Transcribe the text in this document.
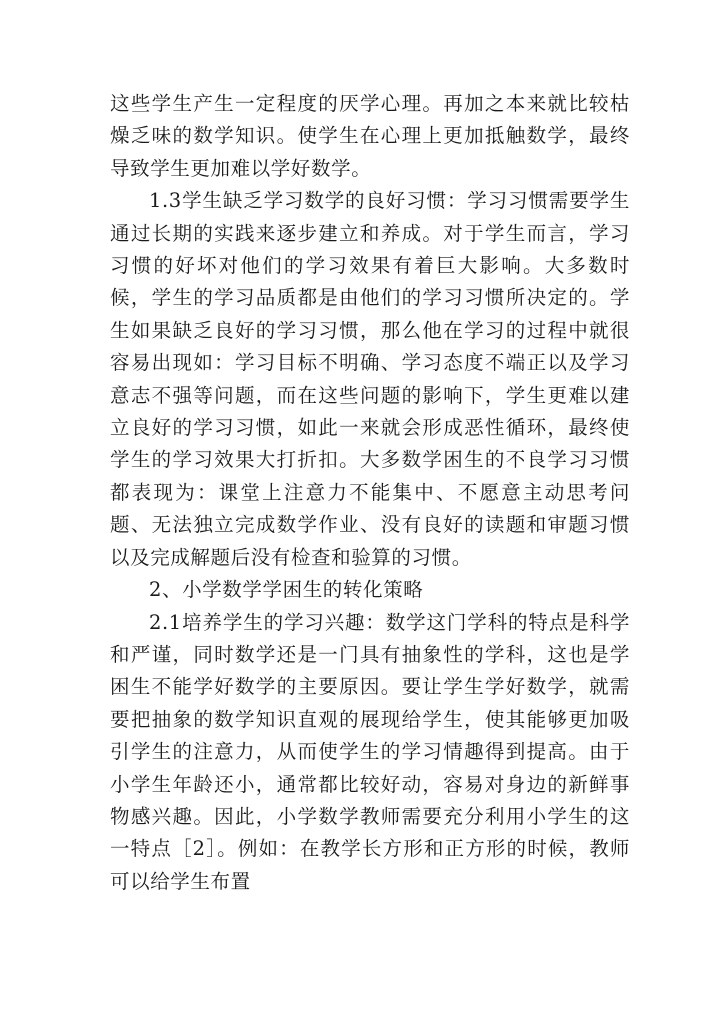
这些学生产生一定程度的厌学心理。再加之本来就比较枯燥乏味的数学知识。使学生在心理上更加抵触数学，最终导致学生更加难以学好数学。

1.3学生缺乏学习数学的良好习惯：学习习惯需要学生通过长期的实践来逐步建立和养成。对于学生而言，学习习惯的好坏对他们的学习效果有着巨大影响。大多数时候，学生的学习品质都是由他们的学习习惯所决定的。学生如果缺乏良好的学习习惯，那么他在学习的过程中就很容易出现如：学习目标不明确、学习态度不端正以及学习意志不强等问题，而在这些问题的影响下，学生更难以建立良好的学习习惯，如此一来就会形成恶性循环，最终使学生的学习效果大打折扣。大多数学困生的不良学习习惯都表现为：课堂上注意力不能集中、不愿意主动思考问题、无法独立完成数学作业、没有良好的读题和审题习惯以及完成解题后没有检查和验算的习惯。

2、小学数学学困生的转化策略

2.1培养学生的学习兴趣：数学这门学科的特点是科学和严谨，同时数学还是一门具有抽象性的学科，这也是学困生不能学好数学的主要原因。要让学生学好数学，就需要把抽象的数学知识直观的展现给学生，使其能够更加吸引学生的注意力，从而使学生的学习情趣得到提高。由于小学生年龄还小，通常都比较好动，容易对身边的新鲜事物感兴趣。因此，小学数学教师需要充分利用小学生的这一特点［2］。例如：在教学长方形和正方形的时候，教师可以给学生布置
